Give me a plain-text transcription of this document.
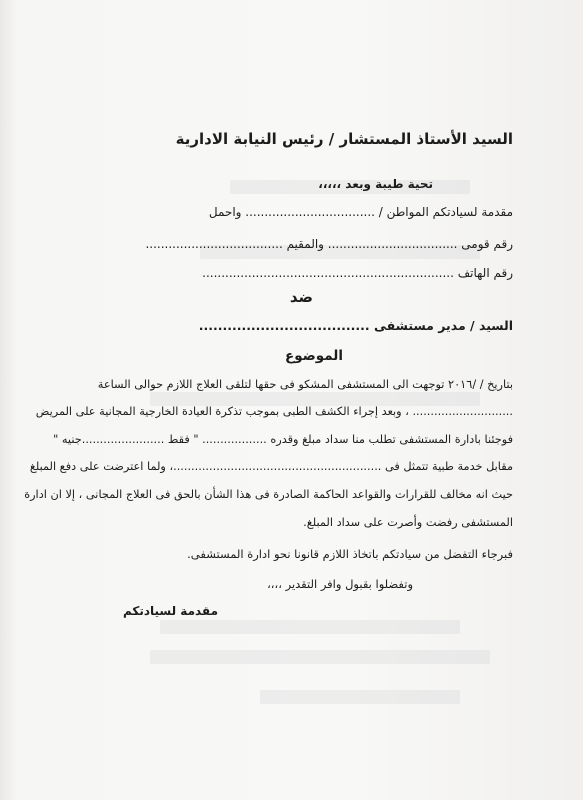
السيد الأستاذ المستشار / رئيس النيابة الادارية
تحية طيبة وبعد ،،،،،
مقدمة لسيادتكم المواطن / .................................. واحمل
رقم قومى .................................. والمقيم ....................................
رقم الهاتف ..................................................................
ضد
السيد / مدير مستشفى ....................................
الموضوع
بتاريخ / /٢٠١٦ توجهت الى المستشفى المشكو فى حقها لتلقى العلاج اللازم حوالى الساعة
............................ ، وبعد إجراء الكشف الطبى بموجب تذكرة العيادة الخارجية المجانية على المريض
فوجئنا بادارة المستشفى تطلب منا سداد مبلغ وقدره .................. " فقط .......................جنيه "
مقابل خدمة طبية تتمثل فى ..........................................................، ولما اعترضت على دفع المبلغ
حيث انه مخالف للقرارات والقواعد الحاكمة الصادرة فى هذا الشأن بالحق فى العلاج المجانى ، إلا ان ادارة
المستشفى رفضت وأصرت على سداد المبلغ.
فبرجاء التفضل من سيادتكم باتخاذ اللازم قانونا نحو ادارة المستشفى.
وتفضلوا بقبول وافر التقدير ،،،،
مقدمة لسيادتكم
